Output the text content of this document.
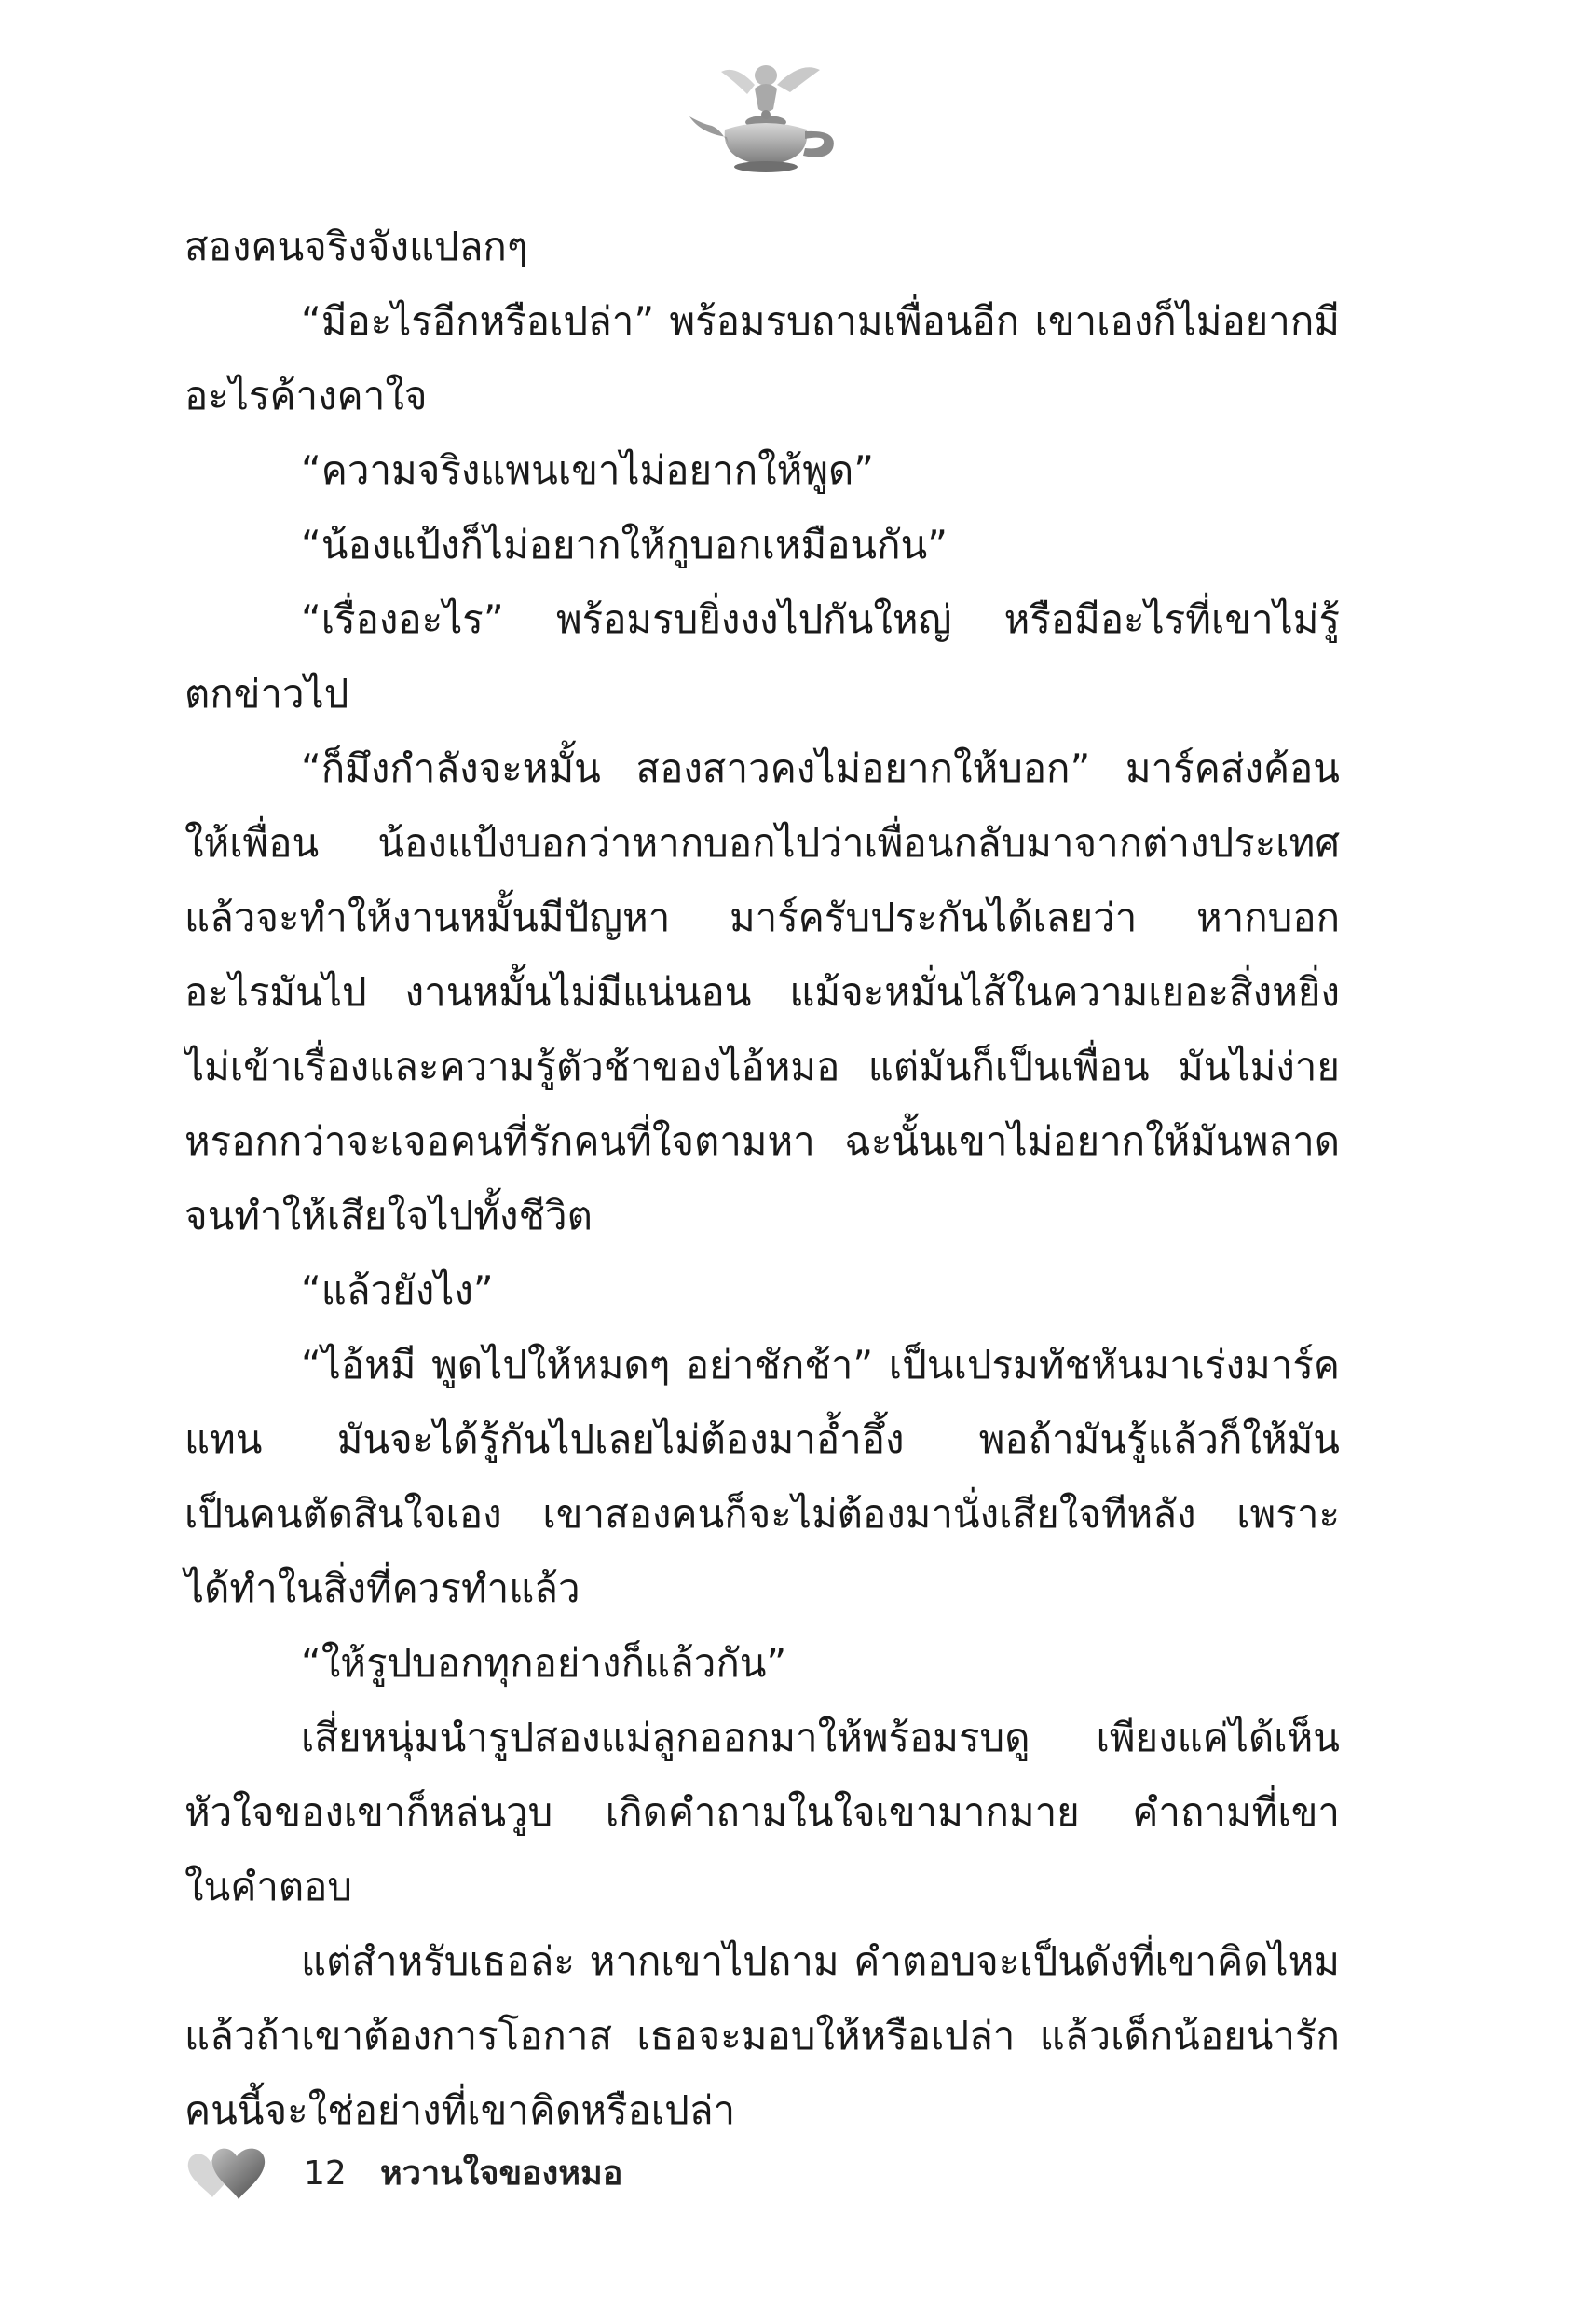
สองคนจริงจังแปลกๆ
“มีอะไรอีกหรือเปล่า” พร้อมรบถามเพื่อนอีก เขาเองก็ไม่อยากมี
อะไรค้างคาใจ
“ความจริงแพนเขาไม่อยากให้พูด”
“น้องแป้งก็ไม่อยากให้กูบอกเหมือนกัน”
“เรื่องอะไร” พร้อมรบยิ่งงงไปกันใหญ่ หรือมีอะไรที่เขาไม่รู้
ตกข่าวไป
“ก็มึงกำลังจะหมั้น สองสาวคงไม่อยากให้บอก” มาร์คส่งค้อน
ให้เพื่อน น้องแป้งบอกว่าหากบอกไปว่าเพื่อนกลับมาจากต่างประเทศ
แล้วจะทำให้งานหมั้นมีปัญหา มาร์ครับประกันได้เลยว่า หากบอก
อะไรมันไป งานหมั้นไม่มีแน่นอน แม้จะหมั่นไส้ในความเยอะสิ่งหยิ่ง
ไม่เข้าเรื่องและความรู้ตัวช้าของไอ้หมอ แต่มันก็เป็นเพื่อน มันไม่ง่าย
หรอกกว่าจะเจอคนที่รักคนที่ใจตามหา ฉะนั้นเขาไม่อยากให้มันพลาด
จนทำให้เสียใจไปทั้งชีวิต
“แล้วยังไง”
“ไอ้หมี พูดไปให้หมดๆ อย่าชักช้า” เป็นเปรมทัชหันมาเร่งมาร์ค
แทน มันจะได้รู้กันไปเลยไม่ต้องมาอ้ำอึ้ง พอถ้ามันรู้แล้วก็ให้มัน
เป็นคนตัดสินใจเอง เขาสองคนก็จะไม่ต้องมานั่งเสียใจทีหลัง เพราะ
ได้ทำในสิ่งที่ควรทำแล้ว
“ให้รูปบอกทุกอย่างก็แล้วกัน”
เสี่ยหนุ่มนำรูปสองแม่ลูกออกมาให้พร้อมรบดู เพียงแค่ได้เห็น
หัวใจของเขาก็หล่นวูบ เกิดคำถามในใจเขามากมาย คำถามที่เขา
ในคำตอบ
แต่สำหรับเธอล่ะ หากเขาไปถาม คำตอบจะเป็นดังที่เขาคิดไหม
แล้วถ้าเขาต้องการโอกาส เธอจะมอบให้หรือเปล่า แล้วเด็กน้อยน่ารัก
คนนี้จะใช่อย่างที่เขาคิดหรือเปล่า
12 หวานใจของหมอ
